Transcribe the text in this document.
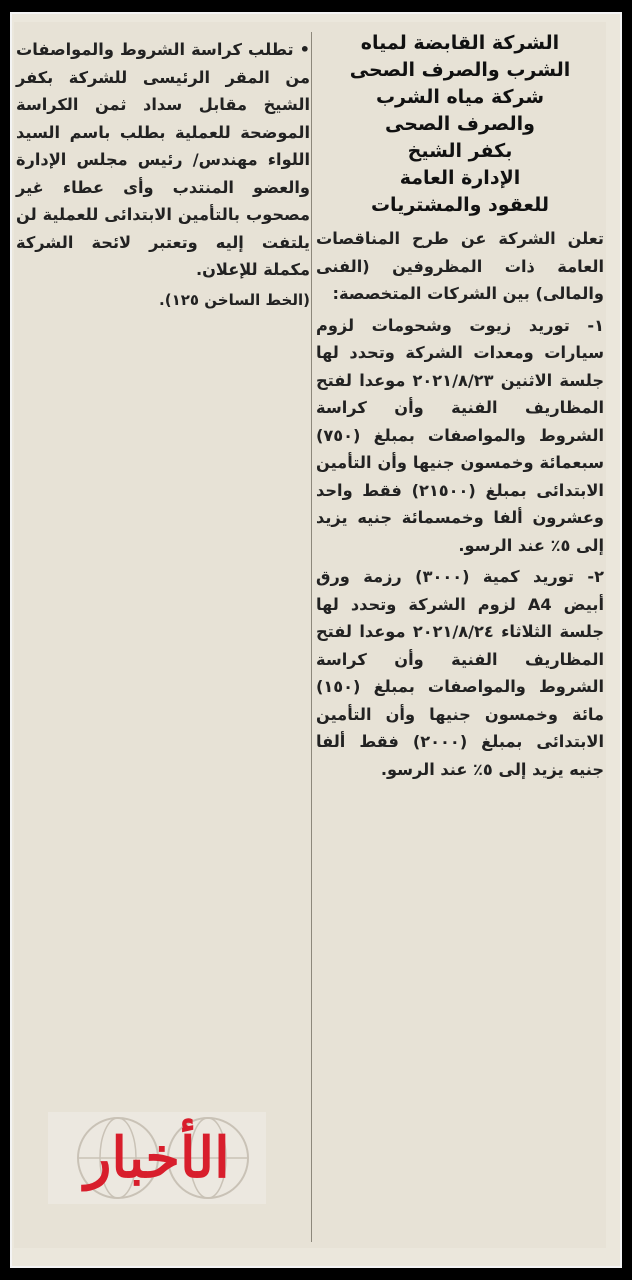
الشركة القابضة لمياه
الشرب والصرف الصحى
شركة مياه الشرب
والصرف الصحى
بكفر الشيخ
الإدارة العامة
للعقود والمشتريات

تعلن الشركة عن طرح المناقصات العامة ذات المظروفين (الفنى والمالى) بين الشركات المتخصصة:

١- توريد زيوت وشحومات لزوم سيارات ومعدات الشركة وتحدد لها جلسة الاثنين ٢٠٢١/٨/٢٣ موعدا لفتح المظاريف الفنية وأن كراسة الشروط والمواصفات بمبلغ (٧٥٠) سبعمائة وخمسون جنيها وأن التأمين الابتدائى بمبلغ (٢١٥٠٠) فقط واحد وعشرون ألفا وخمسمائة جنيه يزيد إلى ٥٪ عند الرسو.

٢- توريد كمية (٣٠٠٠) رزمة ورق أبيض A4 لزوم الشركة وتحدد لها جلسة الثلاثاء ٢٠٢١/٨/٢٤ موعدا لفتح المظاريف الفنية وأن كراسة الشروط والمواصفات بمبلغ (١٥٠) مائة وخمسون جنيها وأن التأمين الابتدائى بمبلغ (٢٠٠٠) فقط ألفا جنيه يزيد إلى ٥٪ عند الرسو.

• تطلب كراسة الشروط والمواصفات من المقر الرئيسى للشركة بكفر الشيخ مقابل سداد ثمن الكراسة الموضحة للعملية بطلب باسم السيد اللواء مهندس/ رئيس مجلس الإدارة والعضو المنتدب وأى عطاء غير مصحوب بالتأمين الابتدائى للعملية لن يلتفت إليه وتعتبر لائحة الشركة مكملة للإعلان.

(الخط الساخن ١٢٥).
الأخبار
